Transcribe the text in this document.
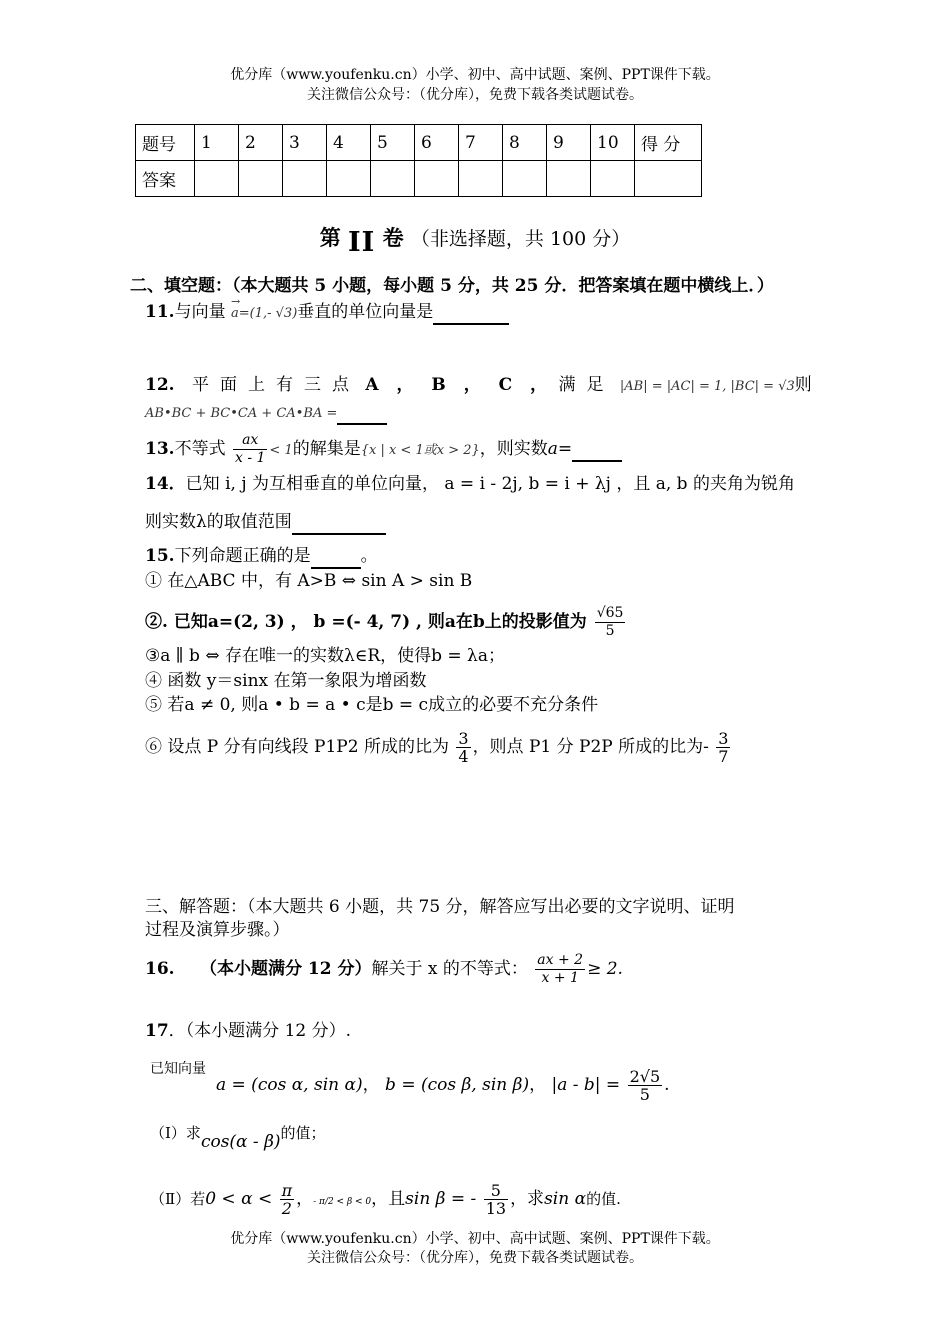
优分库（www.youfenku.cn）小学、初中、高中试题、案例、PPT课件下载。
关注微信公众号：（优分库），免费下载各类试题试卷。
题号	1	2	3	4	5	6	7	8	9	10	得 分
答案											
第 II 卷 （非选择题，共 100 分）
二、填空题：（本大题共 5 小题，每小题 5 分，共 25 分．把答案填在题中横线上．）
11.与向量 → a=(1,- √3)垂直的单位向量是
12. 平面上有三点 A ， B ， C ， 满足 |AB| = |AC| = 1, |BC| = √3则
AB•BC + BC•CA + CA•BA =
13.不等式 $\frac{ax}{x - 1} < 1$的解集是{x | x < 1或x > 2}，则实数a=
14．已知 i, j 为互相垂直的单位向量， a = i - 2j, b = i + λj ，且 a, b 的夹角为锐角
则实数λ的取值范围
15.下列命题正确的是	。
① 在△ABC 中，有 A>B ⇔ sin A > sin B
②. 已知a=(2, 3) ， b =(- 4, 7) , 则a在b上的投影值为 $\frac{√65}{5}$
③a ∥ b ⇔ 存在唯一的实数λ∈R，使得b = λa；
④ 函数 y＝sinx 在第一象限为增函数
⑤ 若a ≠ 0, 则a • b = a • c是b = c成立的必要不充分条件
⑥ 设点 P 分有向线段 P1P2 所成的比为 $\frac{3}{4}$ ，则点 P1 分 P2P 所成的比为- $\frac{3}{7}$
三、解答题：（本大题共 6 小题，共 75 分，解答应写出必要的文字说明、证明
过程及演算步骤。）
16. （本小题满分 12 分）解关于 x 的不等式： $\frac{ax + 2}{x + 1} \ge 2$.
17．（本小题满分 12 分）.
已知向量
a = (cos α, sin α)， b = (cos β, sin β)， $|a - b| = \frac{2√5}{5}$ .
（Ⅰ）求cos(α - β)的值；
（Ⅱ）若$0 < \alpha < \frac{\pi}{2}$ ，- π/2 < β < 0，且sin β = - $\frac{5}{13}$ ，求sin α的值.
优分库（www.youfenku.cn）小学、初中、高中试题、案例、PPT课件下载。
关注微信公众号：（优分库），免费下载各类试题试卷。
